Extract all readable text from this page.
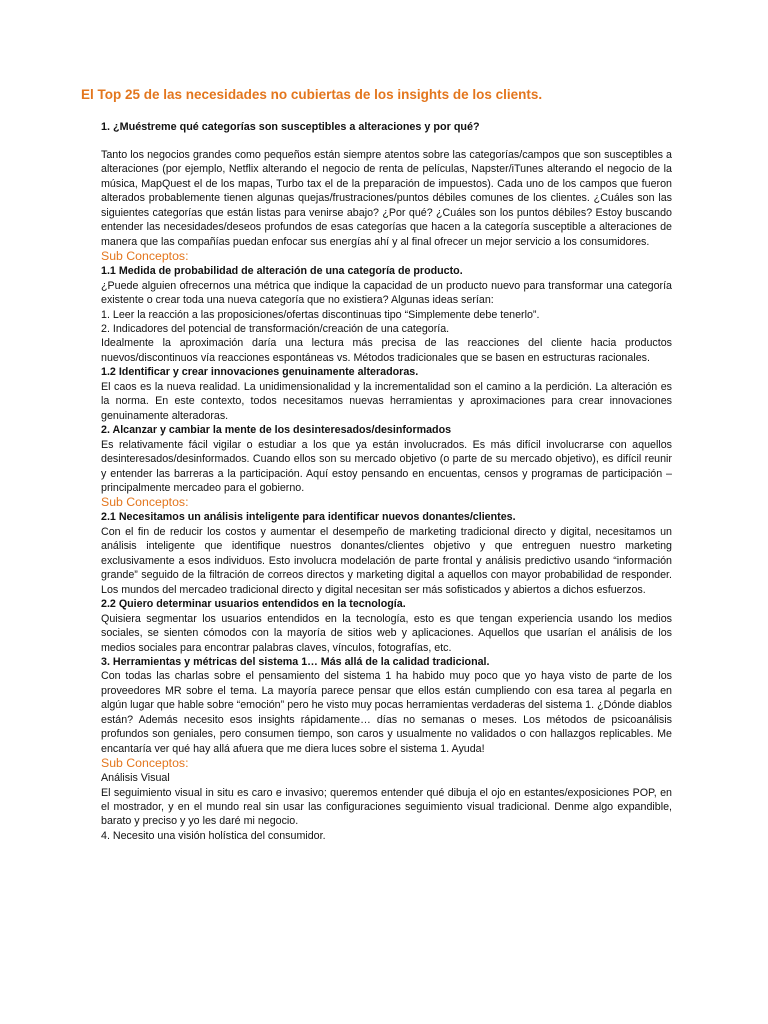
El Top 25 de las necesidades no cubiertas de los insights de los clients.

1. ¿Muéstreme qué categorías son susceptibles a alteraciones y por qué?

Tanto los negocios grandes como pequeños están siempre atentos sobre las categorías/campos que son susceptibles a alteraciones (por ejemplo, Netflix alterando el negocio de renta de películas, Napster/iTunes alterando el negocio de la música, MapQuest el de los mapas, Turbo tax el de la preparación de impuestos). Cada uno de los campos que fueron alterados probablemente tienen algunas quejas/frustraciones/puntos débiles comunes de los clientes. ¿Cuáles son las siguientes categorías que están listas para venirse abajo? ¿Por qué? ¿Cuáles son los puntos débiles? Estoy buscando entender las necesidades/deseos profundos de esas categorías que hacen a la categoría susceptible a alteraciones de manera que las compañías puedan enfocar sus energías ahí y al final ofrecer un mejor servicio a los consumidores.

Sub Conceptos:

1.1 Medida de probabilidad de alteración de una categoría de producto.

¿Puede alguien ofrecernos una métrica que indique la capacidad de un producto nuevo para transformar una categoría existente o crear toda una nueva categoría que no existiera? Algunas ideas serían:

1. Leer la reacción a las proposiciones/ofertas discontinuas tipo “Simplemente debe tenerlo”.

2. Indicadores del potencial de transformación/creación de una categoría.

Idealmente la aproximación daría una lectura más precisa de las reacciones del cliente hacia productos nuevos/discontinuos vía reacciones espontáneas vs. Métodos tradicionales que se basen en estructuras racionales.

1.2 Identificar y crear innovaciones genuinamente alteradoras.

El caos es la nueva realidad. La unidimensionalidad y la incrementalidad son el camino a la perdición. La alteración es la norma. En este contexto, todos necesitamos nuevas herramientas y aproximaciones para crear innovaciones genuinamente alteradoras.

2. Alcanzar y cambiar la mente de los desinteresados/desinformados

Es relativamente fácil vigilar o estudiar a los que ya están involucrados. Es más difícil involucrarse con aquellos desinteresados/desinformados. Cuando ellos son su mercado objetivo (o parte de su mercado objetivo), es difícil reunir y entender las barreras a la participación. Aquí estoy pensando en encuentas, censos y programas de participación – principalmente mercadeo para el gobierno.

Sub Conceptos:

2.1 Necesitamos un análisis inteligente para identificar nuevos donantes/clientes.

Con el fin de reducir los costos y aumentar el desempeño de marketing tradicional directo y digital, necesitamos un análisis inteligente que identifique nuestros donantes/clientes objetivo y que entreguen nuestro marketing exclusivamente a esos individuos. Esto involucra modelación de parte frontal y análisis predictivo usando “información grande” seguido de la filtración de correos directos y marketing digital a aquellos con mayor probabilidad de responder. Los mundos del mercadeo tradicional directo y digital necesitan ser más sofisticados y abiertos a dichos esfuerzos.

2.2 Quiero determinar usuarios entendidos en la tecnología.

Quisiera segmentar los usuarios entendidos en la tecnología, esto es que tengan experiencia usando los medios sociales, se sienten cómodos con la mayoría de sitios web y aplicaciones. Aquellos que usarían el análisis de los medios sociales para encontrar palabras claves, vínculos, fotografías, etc.

3. Herramientas y métricas del sistema 1… Más allá de la calidad tradicional.

Con todas las charlas sobre el pensamiento del sistema 1 ha habido muy poco que yo haya visto de parte de los proveedores MR sobre el tema. La mayoría parece pensar que ellos están cumpliendo con esa tarea al pegarla en algún lugar que hable sobre “emoción” pero he visto muy pocas herramientas verdaderas del sistema 1. ¿Dónde diablos están? Además necesito esos insights rápidamente… días no semanas o meses. Los métodos de psicoanálisis profundos son geniales, pero consumen tiempo, son caros y usualmente no validados o con hallazgos replicables. Me encantaría ver qué hay allá afuera que me diera luces sobre el sistema 1. Ayuda!

Sub Conceptos:

Análisis Visual

El seguimiento visual in situ es caro e invasivo; queremos entender qué dibuja el ojo en estantes/exposiciones POP, en el mostrador, y en el mundo real sin usar las configuraciones seguimiento visual tradicional. Denme algo expandible, barato y preciso y yo les daré mi negocio.

4. Necesito una visión holística del consumidor.
